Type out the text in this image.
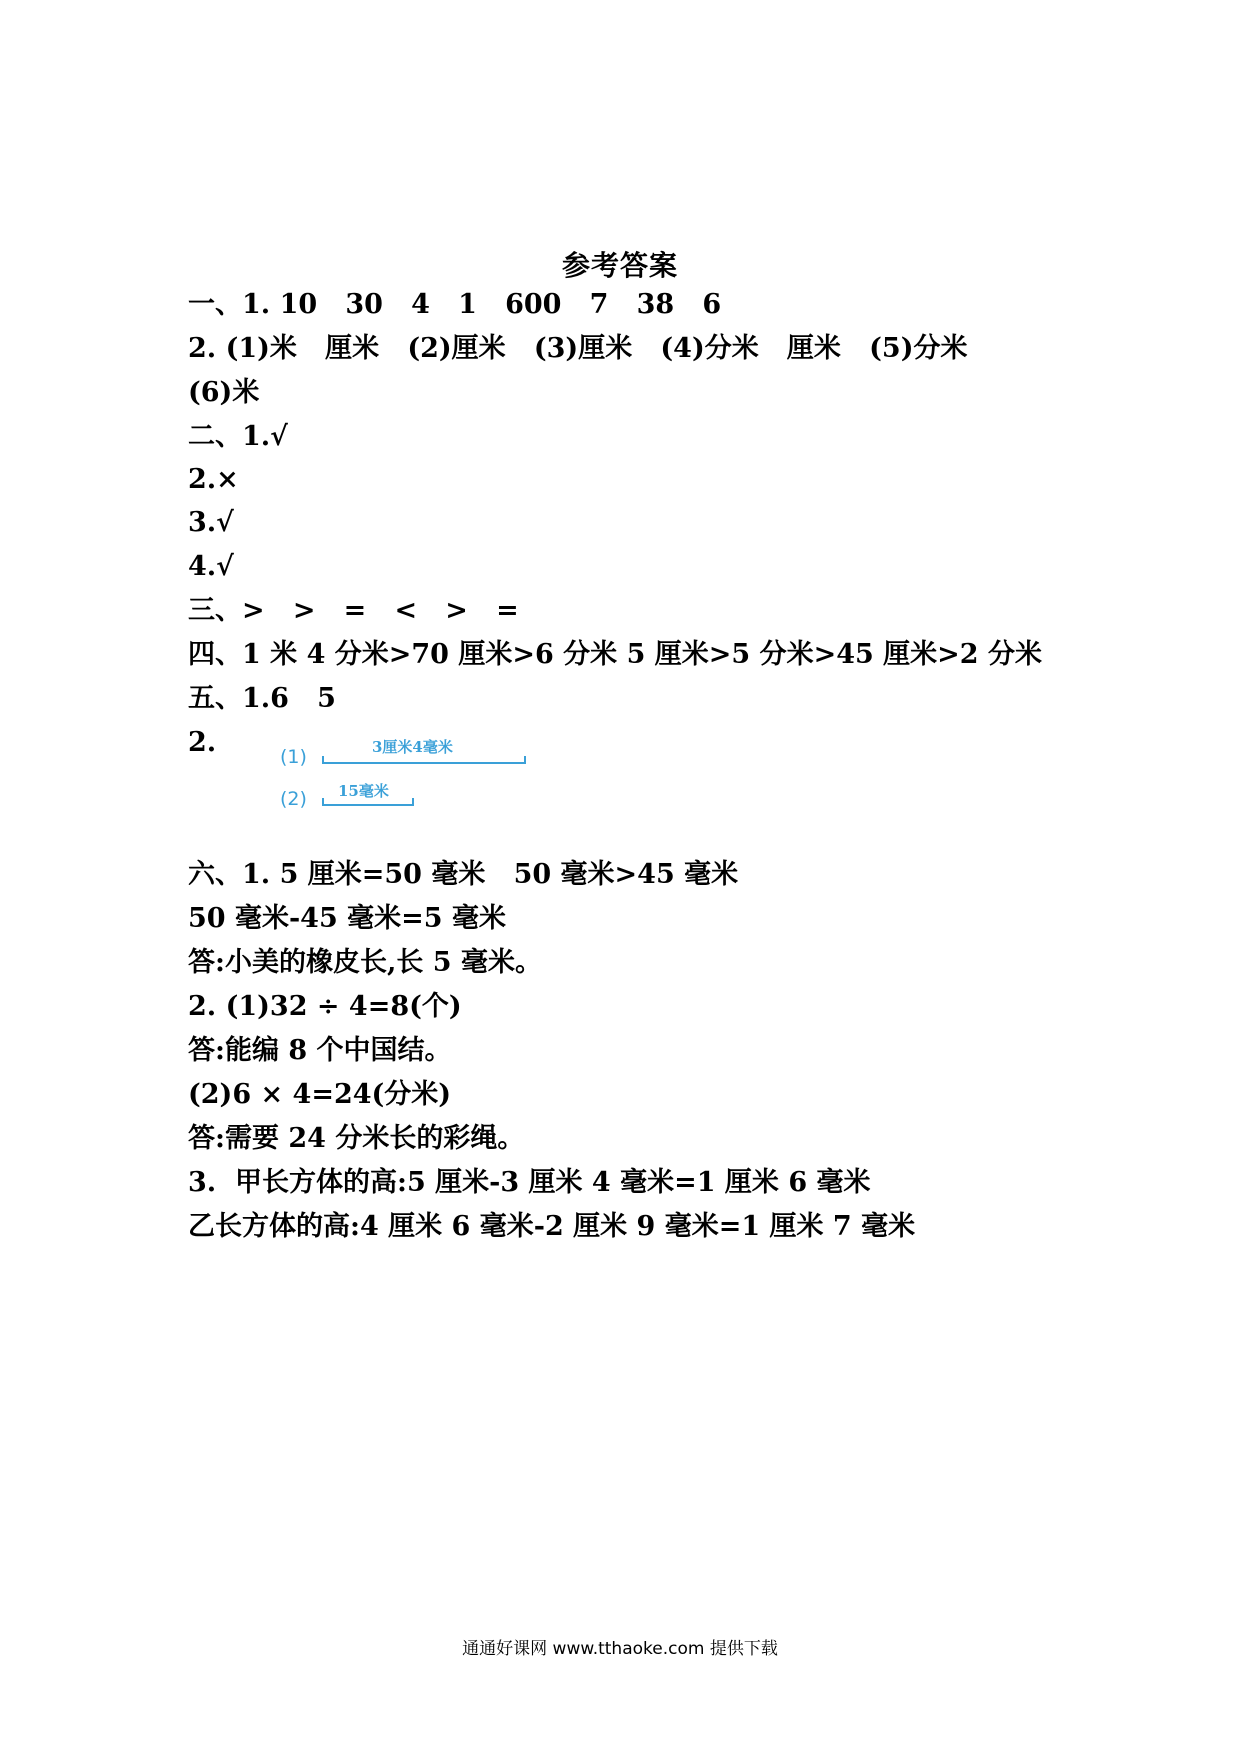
参考答案
一、1. 10   30   4   1   600   7   38   6
2. (1)米   厘米   (2)厘米   (3)厘米   (4)分米   厘米   (5)分米
(6)米
二、1.√
2.×
3.√
4.√
三、>   >   =   <   >   =
四、1 米 4 分米>70 厘米>6 分米 5 厘米>5 分米>45 厘米>2 分米
五、1.6   5
2.	(1)	3厘米4毫米
(2) 15毫米
六、1. 5 厘米=50 毫米   50 毫米>45 毫米
50 毫米-45 毫米=5 毫米
答:小美的橡皮长,长 5 毫米。
2. (1)32 ÷ 4=8(个)
答:能编 8 个中国结。
(2)6 × 4=24(分米)
答:需要 24 分米长的彩绳。
3.  甲长方体的高:5 厘米-3 厘米 4 毫米=1 厘米 6 毫米
乙长方体的高:4 厘米 6 毫米-2 厘米 9 毫米=1 厘米 7 毫米
通通好课网 www.tthaoke.com 提供下载
